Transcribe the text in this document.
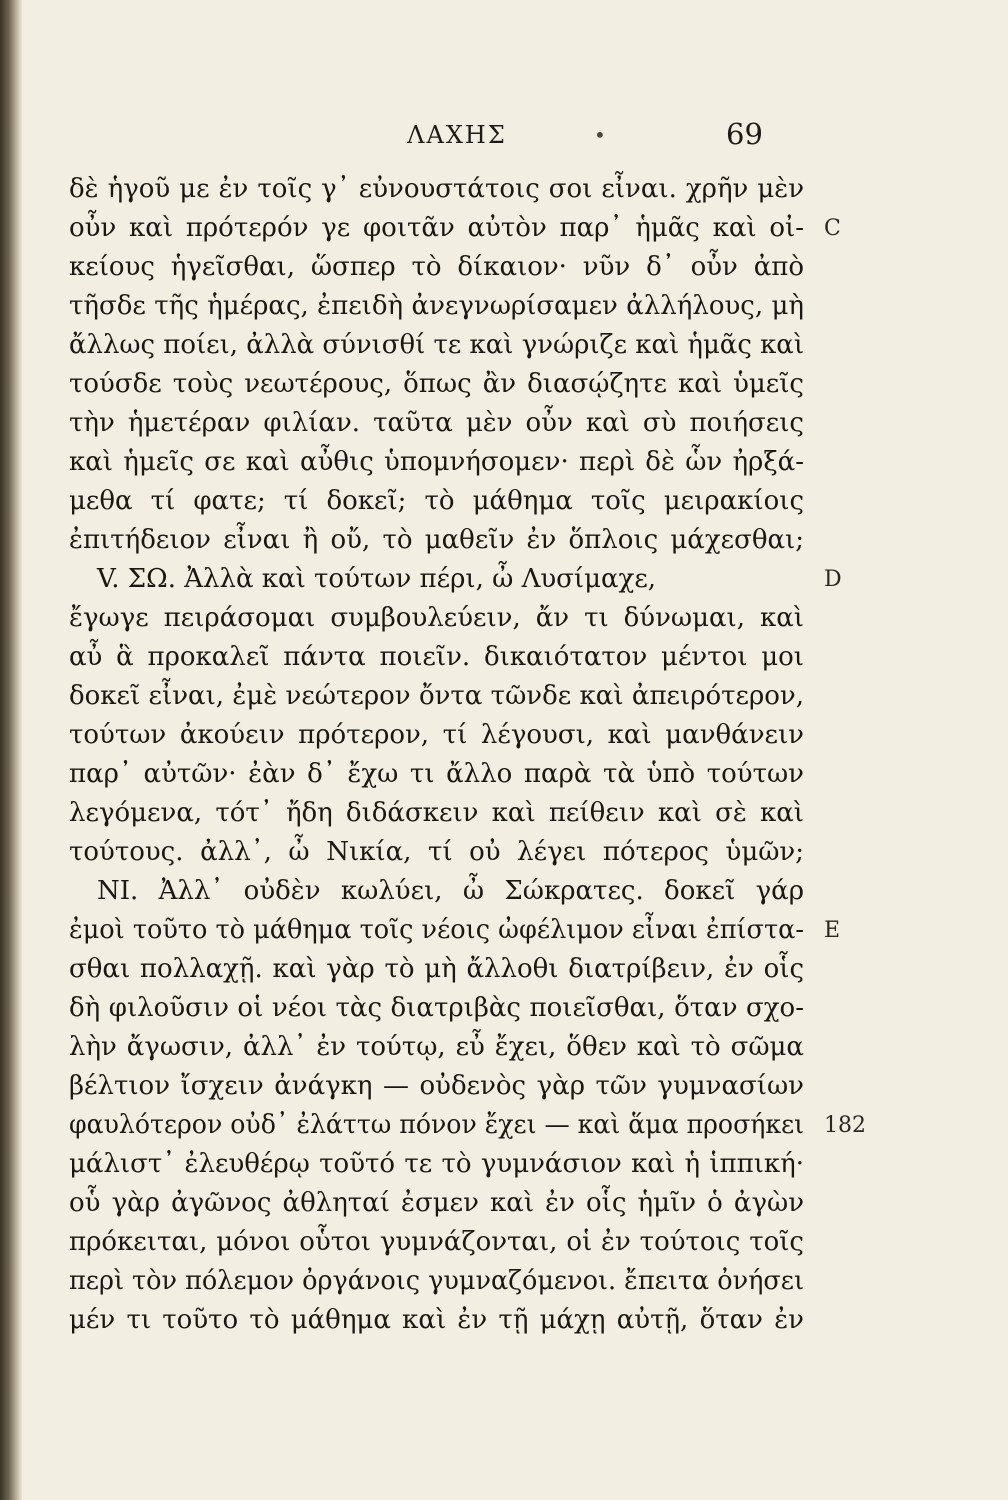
ΛΑΧΗΣ	•	69
δὲ ἡγοῦ με ἐν τοῖς γ᾽ εὐνουστάτοις σοι εἶναι. χρῆν μὲν
οὖν καὶ πρότερόν γε φοιτᾶν αὐτὸν παρ᾽ ἡμᾶς καὶ οἰ- C
κείους ἡγεῖσθαι, ὥσπερ τὸ δίκαιον· νῦν δ᾽ οὖν ἀπὸ
τῆσδε τῆς ἡμέρας, ἐπειδὴ ἀνεγνωρίσαμεν ἀλλήλους, μὴ
ἄλλως ποίει, ἀλλὰ σύνισθί τε καὶ γνώριζε καὶ ἡμᾶς καὶ
τούσδε τοὺς νεωτέρους, ὅπως ἂν διασῴζητε καὶ ὑμεῖς
τὴν ἡμετέραν φιλίαν. ταῦτα μὲν οὖν καὶ σὺ ποιήσεις
καὶ ἡμεῖς σε καὶ αὖθις ὑπομνήσομεν· περὶ δὲ ὧν ἠρξά-
μεθα τί φατε; τί δοκεῖ; τὸ μάθημα τοῖς μειρακίοις
ἐπιτήδειον εἶναι ἢ οὔ, τὸ μαθεῖν ἐν ὅπλοις μάχεσθαι;
V. ΣΩ. Ἀλλὰ καὶ τούτων πέρι, ὦ Λυσίμαχε,	D
ἔγωγε πειράσομαι συμβουλεύειν, ἄν τι δύνωμαι, καὶ
αὖ ἃ προκαλεῖ πάντα ποιεῖν. δικαιότατον μέντοι μοι
δοκεῖ εἶναι, ἐμὲ νεώτερον ὄντα τῶνδε καὶ ἀπειρότερον,
τούτων ἀκούειν πρότερον, τί λέγουσι, καὶ μανθάνειν
παρ᾽ αὐτῶν· ἐὰν δ᾽ ἔχω τι ἄλλο παρὰ τὰ ὑπὸ τούτων
λεγόμενα, τότ᾽ ἤδη διδάσκειν καὶ πείθειν καὶ σὲ καὶ
τούτους. ἀλλ᾽, ὦ Νικία, τί οὐ λέγει πότερος ὑμῶν;
ΝΙ. Ἀλλ᾽ οὐδὲν κωλύει, ὦ Σώκρατες. δοκεῖ γάρ
ἐμοὶ τοῦτο τὸ μάθημα τοῖς νέοις ὠφέλιμον εἶναι ἐπίστα- E
σθαι πολλαχῇ. καὶ γὰρ τὸ μὴ ἄλλοθι διατρίβειν, ἐν οἷς
δὴ φιλοῦσιν οἱ νέοι τὰς διατριβὰς ποιεῖσθαι, ὅταν σχο-
λὴν ἄγωσιν, ἀλλ᾽ ἐν τούτῳ, εὖ ἔχει, ὅθεν καὶ τὸ σῶμα
βέλτιον ἴσχειν ἀνάγκη — οὐδενὸς γὰρ τῶν γυμνασίων
φαυλότερον οὐδ᾽ ἐλάττω πόνον ἔχει — καὶ ἅμα προσήκει 182
μάλιστ᾽ ἐλευθέρῳ τοῦτό τε τὸ γυμνάσιον καὶ ἡ ἱππική·
οὗ γὰρ ἀγῶνος ἀθληταί ἐσμεν καὶ ἐν οἷς ἡμῖν ὁ ἀγὼν
πρόκειται, μόνοι οὗτοι γυμνάζονται, οἱ ἐν τούτοις τοῖς
περὶ τὸν πόλεμον ὀργάνοις γυμναζόμενοι. ἔπειτα ὀνήσει
μέν τι τοῦτο τὸ μάθημα καὶ ἐν τῇ μάχῃ αὐτῇ, ὅταν ἐν
